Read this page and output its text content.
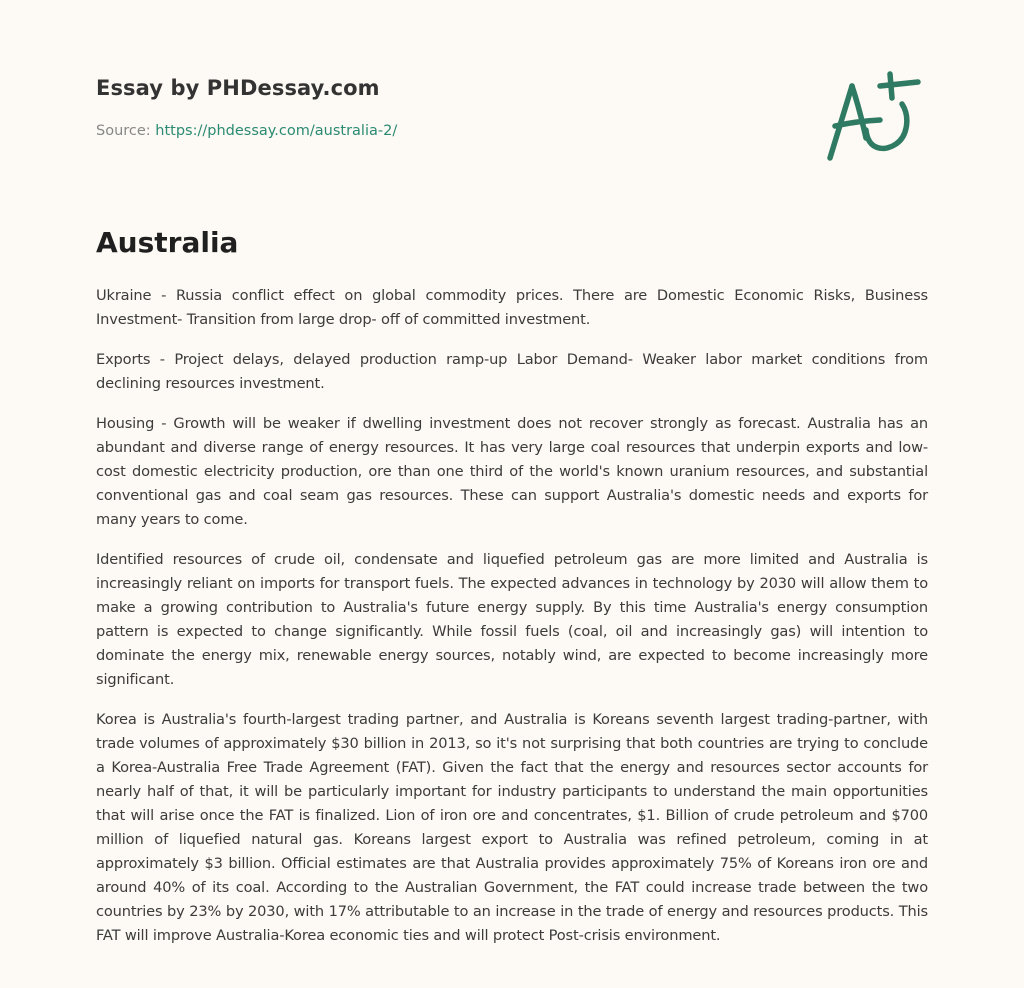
Essay by PHDessay.com
Source: https://phdessay.com/australia-2/
Australia

Ukraine - Russia conflict effect on global commodity prices. There are Domestic Economic Risks, Business Investment- Transition from large drop- off of committed investment.

Exports - Project delays, delayed production ramp-up Labor Demand- Weaker labor market conditions from declining resources investment.

Housing - Growth will be weaker if dwelling investment does not recover strongly as forecast. Australia has an abundant and diverse range of energy resources. It has very large coal resources that underpin exports and low-cost domestic electricity production, ore than one third of the world's known uranium resources, and substantial conventional gas and coal seam gas resources. These can support Australia's domestic needs and exports for many years to come.

Identified resources of crude oil, condensate and liquefied petroleum gas are more limited and Australia is increasingly reliant on imports for transport fuels. The expected advances in technology by 2030 will allow them to make a growing contribution to Australia's future energy supply. By this time Australia's energy consumption pattern is expected to change significantly. While fossil fuels (coal, oil and increasingly gas) will intention to dominate the energy mix, renewable energy sources, notably wind, are expected to become increasingly more significant.

Korea is Australia's fourth-largest trading partner, and Australia is Koreans seventh largest trading-partner, with trade volumes of approximately $30 billion in 2013, so it's not surprising that both countries are trying to conclude a Korea-Australia Free Trade Agreement (FAT). Given the fact that the energy and resources sector accounts for nearly half of that, it will be particularly important for industry participants to understand the main opportunities that will arise once the FAT is finalized. Lion of iron ore and concentrates, $1. Billion of crude petroleum and $700 million of liquefied natural gas. Koreans largest export to Australia was refined petroleum, coming in at approximately $3 billion. Official estimates are that Australia provides approximately 75% of Koreans iron ore and around 40% of its coal. According to the Australian Government, the FAT could increase trade between the two countries by 23% by 2030, with 17% attributable to an increase in the trade of energy and resources products. This FAT will improve Australia-Korea economic ties and will protect Post-crisis environment.
